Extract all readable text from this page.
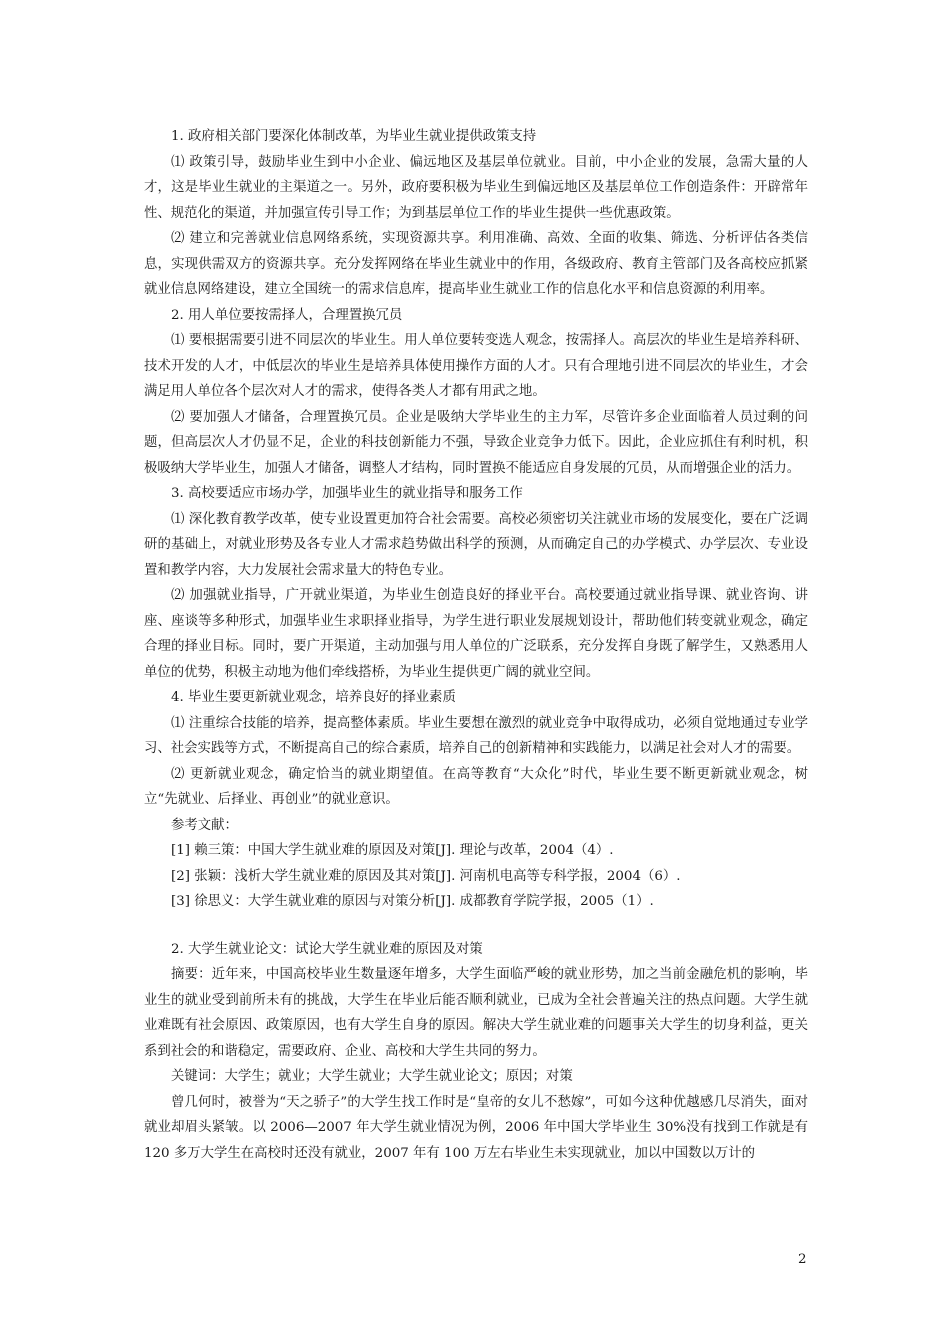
1. 政府相关部门要深化体制改革，为毕业生就业提供政策支持

⑴ 政策引导，鼓励毕业生到中小企业、偏远地区及基层单位就业。目前，中小企业的发展，急需大量的人才，这是毕业生就业的主渠道之一。另外，政府要积极为毕业生到偏远地区及基层单位工作创造条件：开辟常年性、规范化的渠道，并加强宣传引导工作；为到基层单位工作的毕业生提供一些优惠政策。

⑵ 建立和完善就业信息网络系统，实现资源共享。利用准确、高效、全面的收集、筛选、分析评估各类信息，实现供需双方的资源共享。充分发挥网络在毕业生就业中的作用，各级政府、教育主管部门及各高校应抓紧就业信息网络建设，建立全国统一的需求信息库，提高毕业生就业工作的信息化水平和信息资源的利用率。

2. 用人单位要按需择人，合理置换冗员

⑴ 要根据需要引进不同层次的毕业生。用人单位要转变选人观念，按需择人。高层次的毕业生是培养科研、技术开发的人才，中低层次的毕业生是培养具体使用操作方面的人才。只有合理地引进不同层次的毕业生，才会满足用人单位各个层次对人才的需求，使得各类人才都有用武之地。

⑵ 要加强人才储备，合理置换冗员。企业是吸纳大学毕业生的主力军，尽管许多企业面临着人员过剩的问题，但高层次人才仍显不足，企业的科技创新能力不强，导致企业竞争力低下。因此，企业应抓住有利时机，积极吸纳大学毕业生，加强人才储备，调整人才结构，同时置换不能适应自身发展的冗员，从而增强企业的活力。

3. 高校要适应市场办学，加强毕业生的就业指导和服务工作

⑴ 深化教育教学改革，使专业设置更加符合社会需要。高校必须密切关注就业市场的发展变化，要在广泛调研的基础上，对就业形势及各专业人才需求趋势做出科学的预测，从而确定自己的办学模式、办学层次、专业设置和教学内容，大力发展社会需求量大的特色专业。

⑵ 加强就业指导，广开就业渠道，为毕业生创造良好的择业平台。高校要通过就业指导课、就业咨询、讲座、座谈等多种形式，加强毕业生求职择业指导，为学生进行职业发展规划设计，帮助他们转变就业观念，确定合理的择业目标。同时，要广开渠道，主动加强与用人单位的广泛联系，充分发挥自身既了解学生，又熟悉用人单位的优势，积极主动地为他们牵线搭桥，为毕业生提供更广阔的就业空间。

4. 毕业生要更新就业观念，培养良好的择业素质

⑴ 注重综合技能的培养，提高整体素质。毕业生要想在激烈的就业竞争中取得成功，必须自觉地通过专业学习、社会实践等方式，不断提高自己的综合素质，培养自己的创新精神和实践能力，以满足社会对人才的需要。

⑵ 更新就业观念，确定恰当的就业期望值。在高等教育“大众化”时代，毕业生要不断更新就业观念，树立“先就业、后择业、再创业”的就业意识。

参考文献：

[1] 赖三策：中国大学生就业难的原因及对策[J]. 理论与改革，2004（4）.

[2] 张颖：浅析大学生就业难的原因及其对策[J]. 河南机电高等专科学报，2004（6）.

[3] 徐思义：大学生就业难的原因与对策分析[J]. 成都教育学院学报，2005（1）.

2. 大学生就业论文：试论大学生就业难的原因及对策

摘要：近年来，中国高校毕业生数量逐年增多，大学生面临严峻的就业形势，加之当前金融危机的影响，毕业生的就业受到前所未有的挑战，大学生在毕业后能否顺利就业，已成为全社会普遍关注的热点问题。大学生就业难既有社会原因、政策原因，也有大学生自身的原因。解决大学生就业难的问题事关大学生的切身利益，更关系到社会的和谐稳定，需要政府、企业、高校和大学生共同的努力。

关键词：大学生；就业；大学生就业；大学生就业论文；原因；对策

曾几何时，被誉为“天之骄子”的大学生找工作时是“皇帝的女儿不愁嫁”，可如今这种优越感几尽消失，面对就业却眉头紧皱。以 2006—2007 年大学生就业情况为例，2006 年中国大学毕业生 30%没有找到工作就是有 120 多万大学生在高校时还没有就业，2007 年有 100 万左右毕业生未实现就业，加以中国数以万计的

2
